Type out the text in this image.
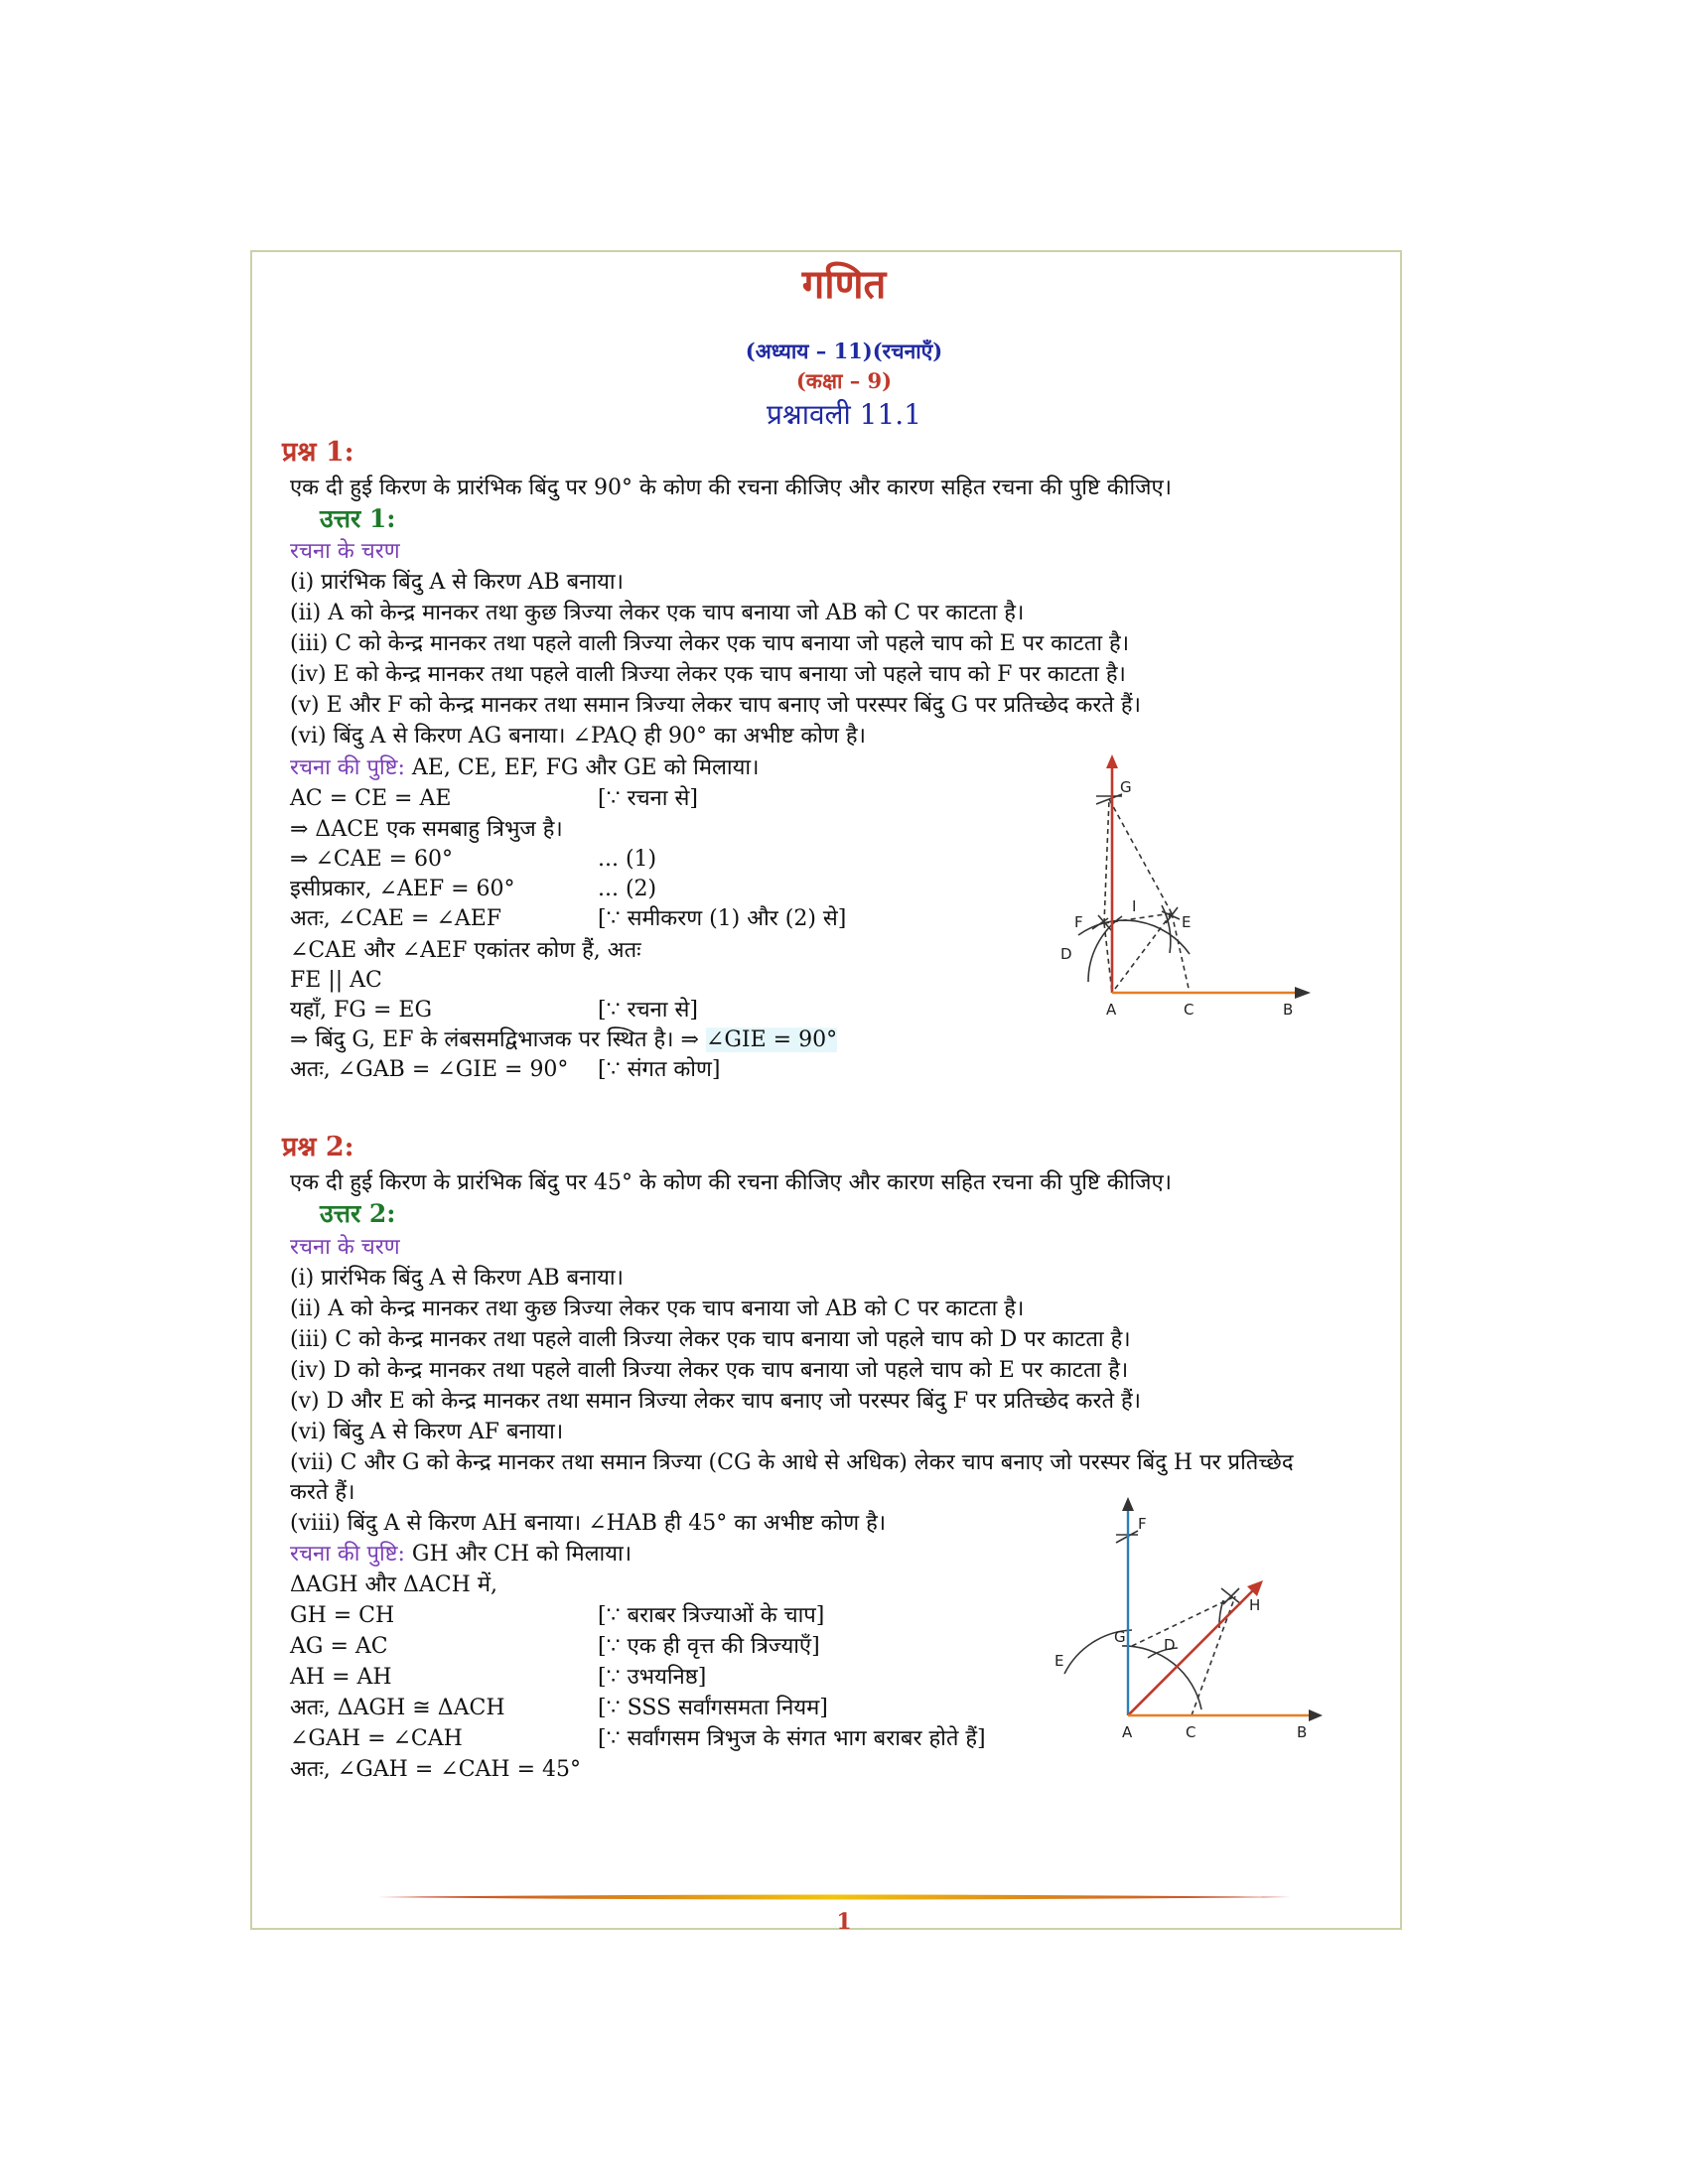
गणित
(अध्याय – 11)(रचनाएँ)
(कक्षा – 9)
प्रश्नावली 11.1
प्रश्न 1:
एक दी हुई किरण के प्रारंभिक बिंदु पर 90° के कोण की रचना कीजिए और कारण सहित रचना की पुष्टि कीजिए।
उत्तर 1:
रचना के चरण
(i) प्रारंभिक बिंदु A से किरण AB बनाया।
(ii) A को केन्द्र मानकर तथा कुछ त्रिज्या लेकर एक चाप बनाया जो AB को C पर काटता है।
(iii) C को केन्द्र मानकर तथा पहले वाली त्रिज्या लेकर एक चाप बनाया जो पहले चाप को E पर काटता है।
(iv) E को केन्द्र मानकर तथा पहले वाली त्रिज्या लेकर एक चाप बनाया जो पहले चाप को F पर काटता है।
(v) E और F को केन्द्र मानकर तथा समान त्रिज्या लेकर चाप बनाए जो परस्पर बिंदु G पर प्रतिच्छेद करते हैं।
(vi) बिंदु A से किरण AG बनाया। ∠PAQ ही 90° का अभीष्ट कोण है।
रचना की पुष्टि: AE, CE, EF, FG और GE को मिलाया।
AC = CE = AE	[∵ रचना से]
⇒ ΔACE एक समबाहु त्रिभुज है।
⇒ ∠CAE = 60°	... (1)
इसीप्रकार, ∠AEF = 60°	... (2)
अतः, ∠CAE = ∠AEF	[∵ समीकरण (1) और (2) से]
∠CAE और ∠AEF एकांतर कोण हैं, अतः
FE || AC
यहाँ, FG = EG	[∵ रचना से]
⇒ बिंदु G, EF के लंबसमद्विभाजक पर स्थित है। ⇒ ∠GIE = 90°
अतः, ∠GAB = ∠GIE = 90° [∵ संगत कोण]
G
F	E
I
D
A	C	B
प्रश्न 2:
एक दी हुई किरण के प्रारंभिक बिंदु पर 45° के कोण की रचना कीजिए और कारण सहित रचना की पुष्टि कीजिए।
उत्तर 2:
रचना के चरण
(i) प्रारंभिक बिंदु A से किरण AB बनाया।
(ii) A को केन्द्र मानकर तथा कुछ त्रिज्या लेकर एक चाप बनाया जो AB को C पर काटता है।
(iii) C को केन्द्र मानकर तथा पहले वाली त्रिज्या लेकर एक चाप बनाया जो पहले चाप को D पर काटता है।
(iv) D को केन्द्र मानकर तथा पहले वाली त्रिज्या लेकर एक चाप बनाया जो पहले चाप को E पर काटता है।
(v) D और E को केन्द्र मानकर तथा समान त्रिज्या लेकर चाप बनाए जो परस्पर बिंदु F पर प्रतिच्छेद करते हैं।
(vi) बिंदु A से किरण AF बनाया।
(vii) C और G को केन्द्र मानकर तथा समान त्रिज्या (CG के आधे से अधिक) लेकर चाप बनाए जो परस्पर बिंदु H पर प्रतिच्छेद
करते हैं।
(viii) बिंदु A से किरण AH बनाया। ∠HAB ही 45° का अभीष्ट कोण है।
रचना की पुष्टि: GH और CH को मिलाया।
ΔAGH और ΔACH में,
GH = CH	[∵ बराबर त्रिज्याओं के चाप]
AG = AC	[∵ एक ही वृत्त की त्रिज्याएँ]
AH = AH	[∵ उभयनिष्ठ]
अतः, ΔAGH ≅ ΔACH	[∵ SSS सर्वांगसमता नियम]
∠GAH = ∠CAH	[∵ सर्वांगसम त्रिभुज के संगत भाग बराबर होते हैं]
अतः, ∠GAH = ∠CAH = 45°
F
H
G	D
E
A	C	B
1
